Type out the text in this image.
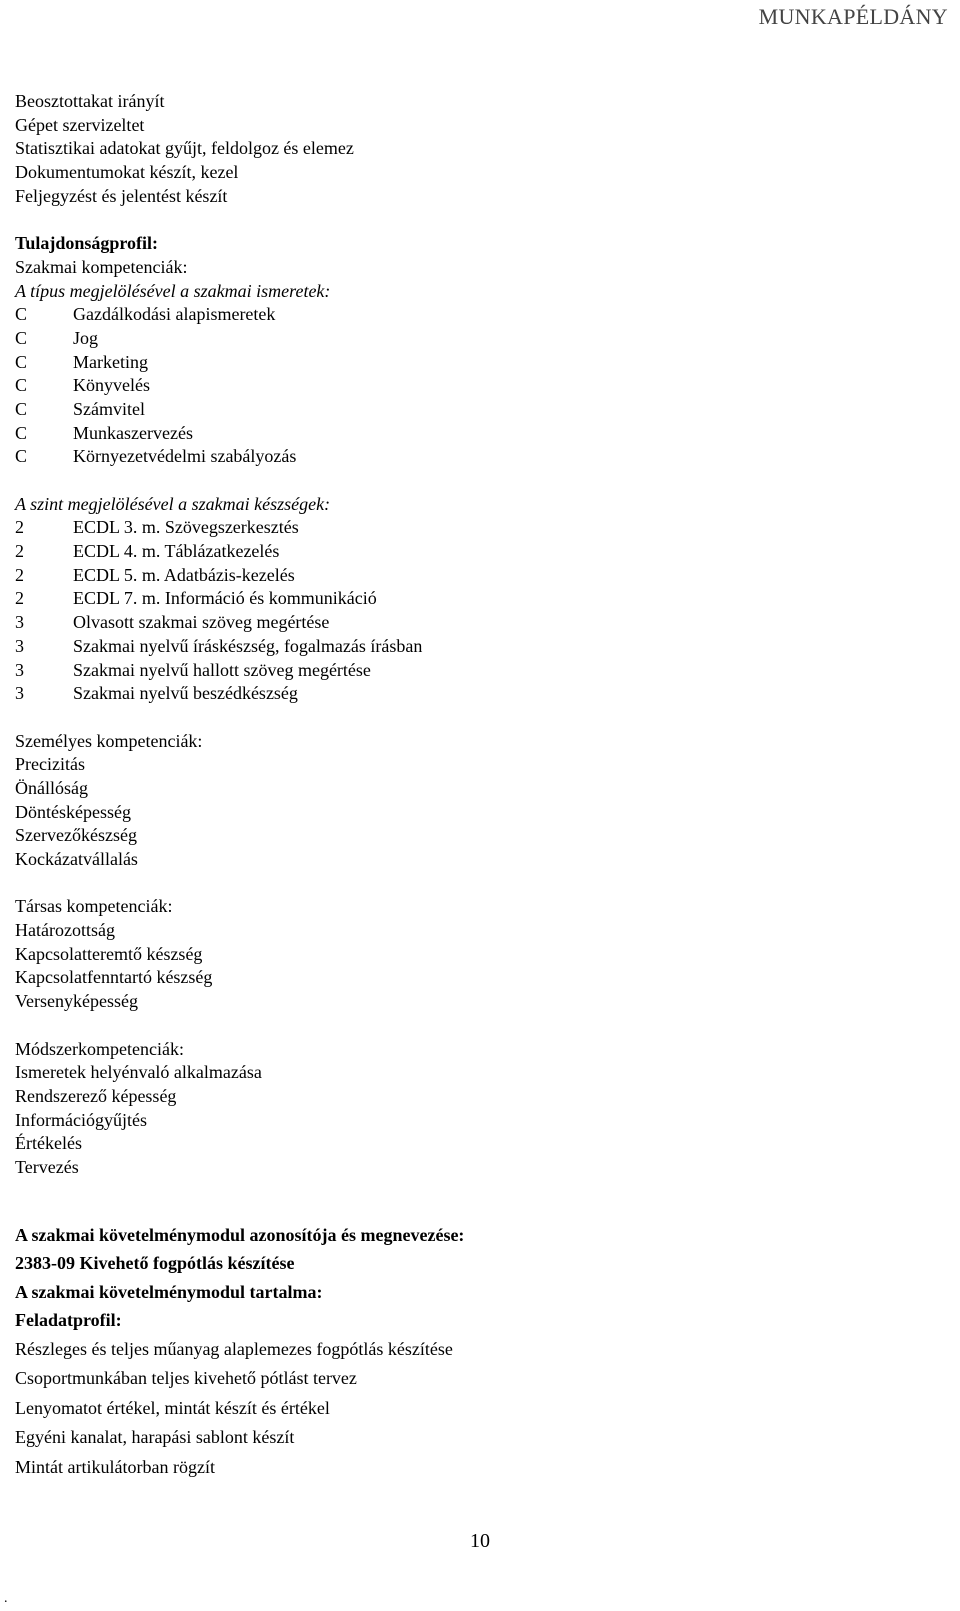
MUNKAPÉLDÁNY
Beosztottakat irányít
Gépet szervizeltet
Statisztikai adatokat gyűjt, feldolgoz és elemez
Dokumentumokat készít, kezel
Feljegyzést és jelentést készít
Tulajdonságprofil:
Szakmai kompetenciák:
A típus megjelölésével a szakmai ismeretek:
C	Gazdálkodási alapismeretek
C	Jog
C	Marketing
C	Könyvelés
C	Számvitel
C	Munkaszervezés
C	Környezetvédelmi szabályozás
A szint megjelölésével a szakmai készségek:
2	ECDL 3. m. Szövegszerkesztés
2	ECDL 4. m. Táblázatkezelés
2	ECDL 5. m. Adatbázis-kezelés
2	ECDL 7. m. Információ és kommunikáció
3	Olvasott szakmai szöveg megértése
3	Szakmai nyelvű íráskészség, fogalmazás írásban
3	Szakmai nyelvű hallott szöveg megértése
3	Szakmai nyelvű beszédkészség
Személyes kompetenciák:
Precizitás
Önállóság
Döntésképesség
Szervezőkészség
Kockázatvállalás
Társas kompetenciák:
Határozottság
Kapcsolatteremtő készség
Kapcsolatfenntartó készség
Versenyképesség
Módszerkompetenciák:
Ismeretek helyénvaló alkalmazása
Rendszerező képesség
Információgyűjtés
Értékelés
Tervezés
A szakmai követelménymodul azonosítója és megnevezése:
2383-09 Kivehető fogpótlás készítése
A szakmai követelménymodul tartalma:
Feladatprofil:
Részleges és teljes műanyag alaplemezes fogpótlás készítése
Csoportmunkában teljes kivehető pótlást tervez
Lenyomatot értékel, mintát készít és értékel
Egyéni kanalat, harapási sablont készít
Mintát artikulátorban rögzít
10
.
